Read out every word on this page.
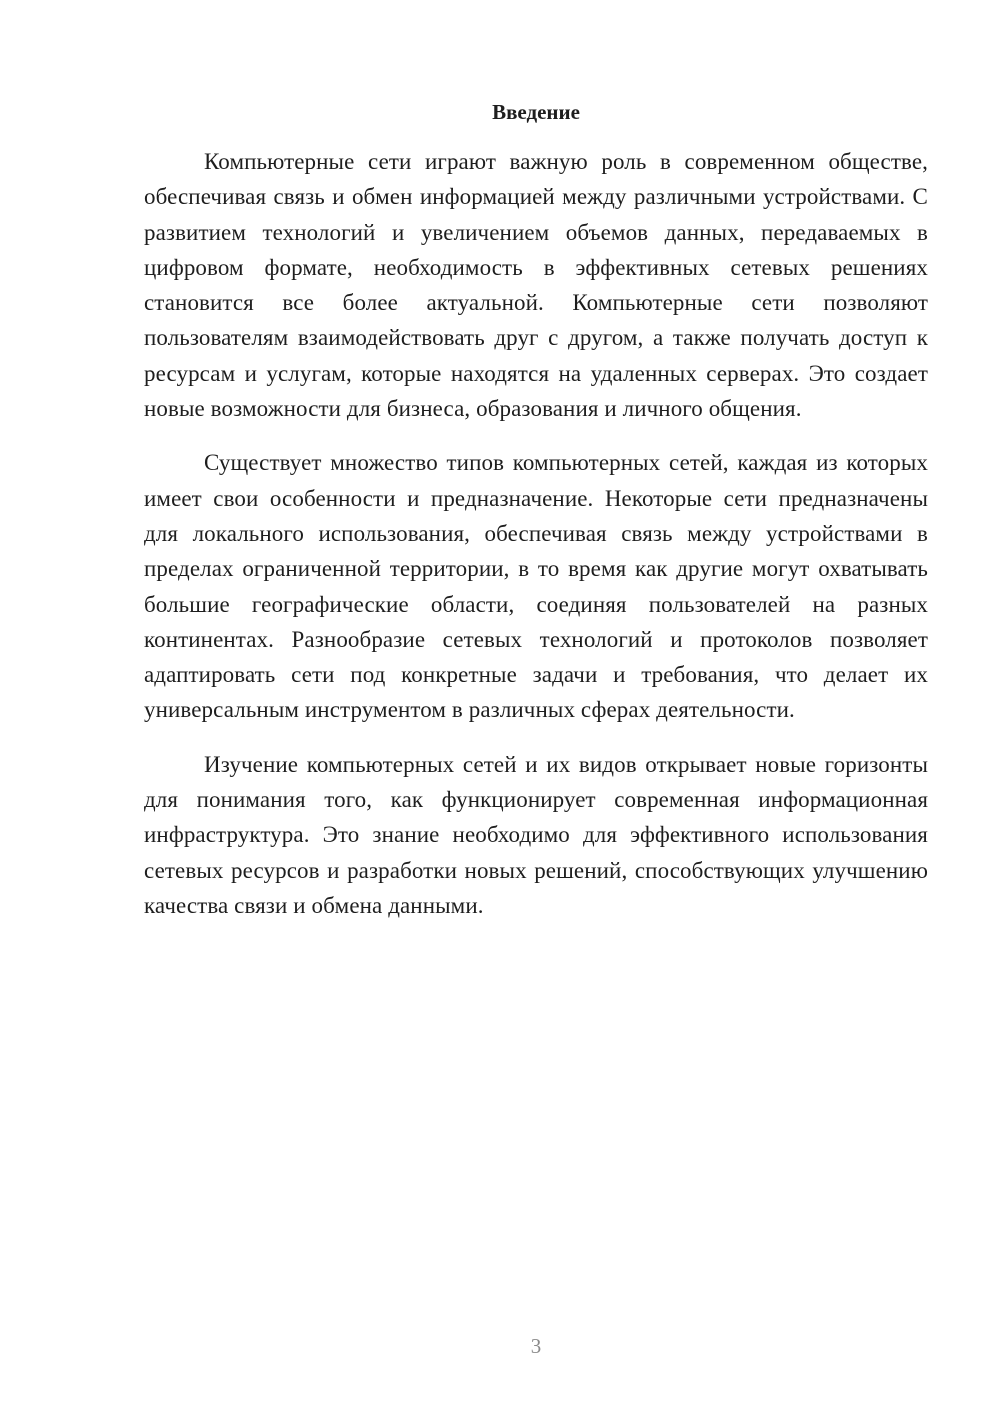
Введение

Компьютерные сети играют важную роль в современном обществе, обеспечивая связь и обмен информацией между различными устройствами. С развитием технологий и увеличением объемов данных, передаваемых в цифровом формате, необходимость в эффективных сетевых решениях становится все более актуальной. Компьютерные сети позволяют пользователям взаимодействовать друг с другом, а также получать доступ к ресурсам и услугам, которые находятся на удаленных серверах. Это создает новые возможности для бизнеса, образования и личного общения.

Существует множество типов компьютерных сетей, каждая из которых имеет свои особенности и предназначение. Некоторые сети предназначены для локального использования, обеспечивая связь между устройствами в пределах ограниченной территории, в то время как другие могут охватывать большие географические области, соединяя пользователей на разных континентах. Разнообразие сетевых технологий и протоколов позволяет адаптировать сети под конкретные задачи и требования, что делает их универсальным инструментом в различных сферах деятельности.

Изучение компьютерных сетей и их видов открывает новые горизонты для понимания того, как функционирует современная информационная инфраструктура. Это знание необходимо для эффективного использования сетевых ресурсов и разработки новых решений, способствующих улучшению качества связи и обмена данными.

3
